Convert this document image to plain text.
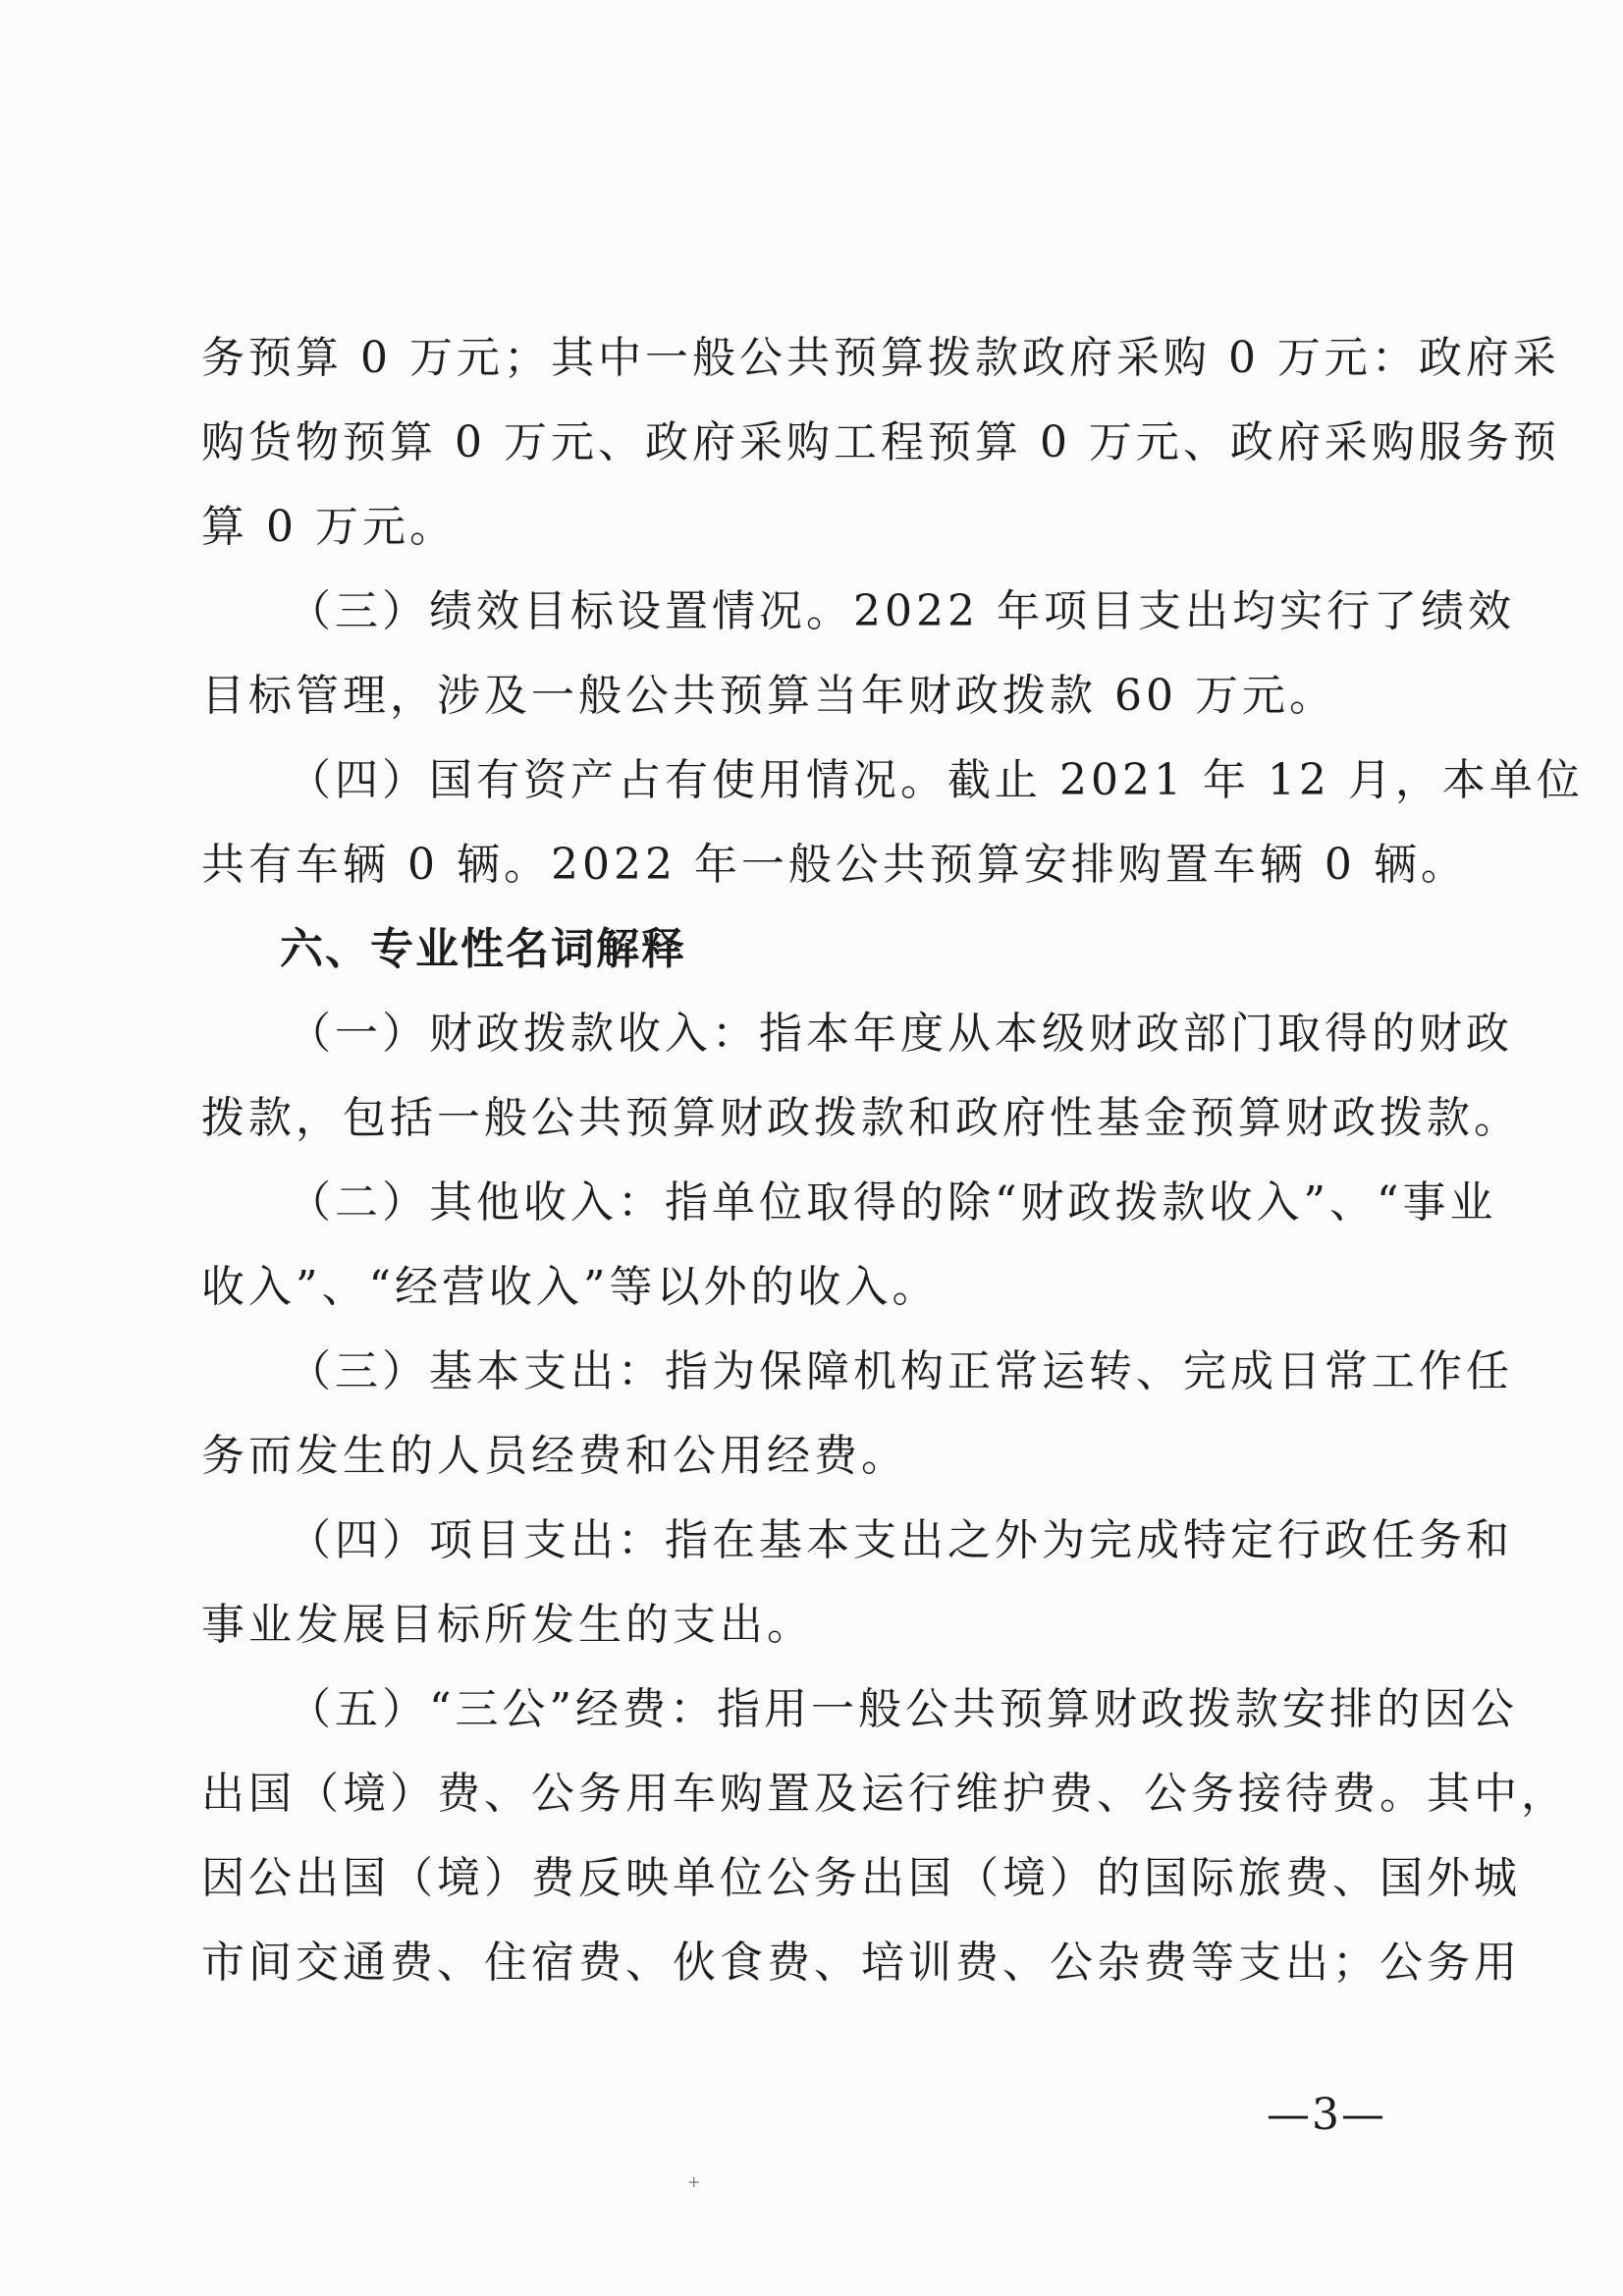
务预算 0 万元；其中一般公共预算拨款政府采购 0 万元：政府采
购货物预算 0 万元、政府采购工程预算 0 万元、政府采购服务预
算 0 万元。
（三）绩效目标设置情况。2022 年项目支出均实行了绩效
目标管理，涉及一般公共预算当年财政拨款 60 万元。
（四）国有资产占有使用情况。截止 2021 年 12 月，本单位
共有车辆 0 辆。2022 年一般公共预算安排购置车辆 0 辆。
六、专业性名词解释
（一）财政拨款收入：指本年度从本级财政部门取得的财政
拨款，包括一般公共预算财政拨款和政府性基金预算财政拨款。
（二）其他收入：指单位取得的除“财政拨款收入”、“事业
收入”、“经营收入”等以外的收入。
（三）基本支出：指为保障机构正常运转、完成日常工作任
务而发生的人员经费和公用经费。
（四）项目支出：指在基本支出之外为完成特定行政任务和
事业发展目标所发生的支出。
（五）“三公”经费：指用一般公共预算财政拨款安排的因公
出国（境）费、公务用车购置及运行维护费、公务接待费。其中，
因公出国（境）费反映单位公务出国（境）的国际旅费、国外城
市间交通费、住宿费、伙食费、培训费、公杂费等支出；公务用
—3—
+
